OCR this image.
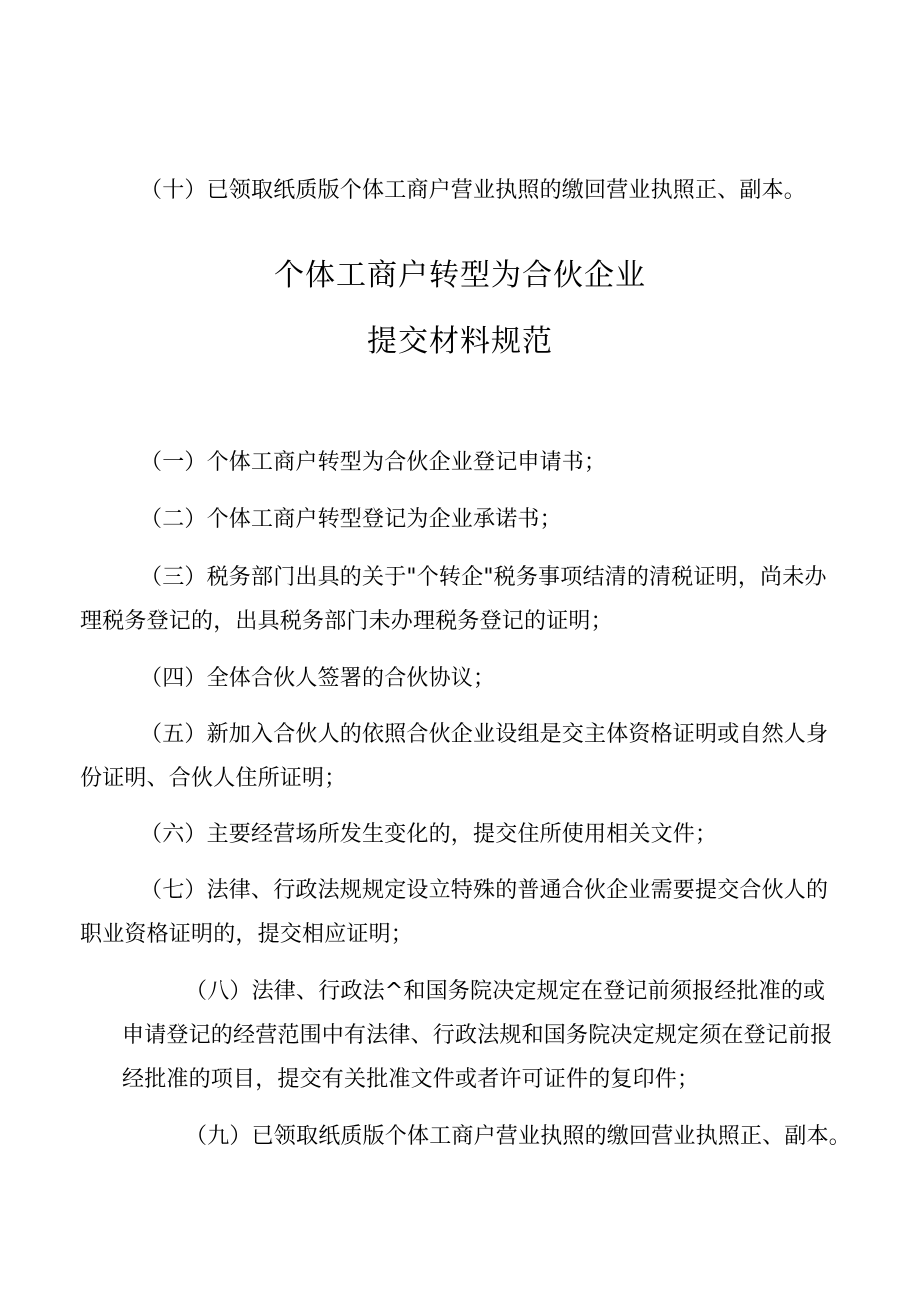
（十）已领取纸质版个体工商户营业执照的缴回营业执照正、副本。

个体工商户转型为合伙企业
提交材料规范

（一）个体工商户转型为合伙企业登记申请书；

（二）个体工商户转型登记为企业承诺书；

（三）税务部门出具的关于"个转企"税务事项结清的清税证明，尚未办

理税务登记的，出具税务部门未办理税务登记的证明；

（四）全体合伙人签署的合伙协议；

（五）新加入合伙人的依照合伙企业设组是交主体资格证明或自然人身

份证明、合伙人住所证明；

（六）主要经营场所发生变化的，提交住所使用相关文件；

（七）法律、行政法规规定设立特殊的普通合伙企业需要提交合伙人的

职业资格证明的，提交相应证明；

（八）法律、行政法^和国务院决定规定在登记前须报经批准的或

申请登记的经营范围中有法律、行政法规和国务院决定规定须在登记前报

经批准的项目，提交有关批准文件或者许可证件的复印件；

（九）已领取纸质版个体工商户营业执照的缴回营业执照正、副本。
